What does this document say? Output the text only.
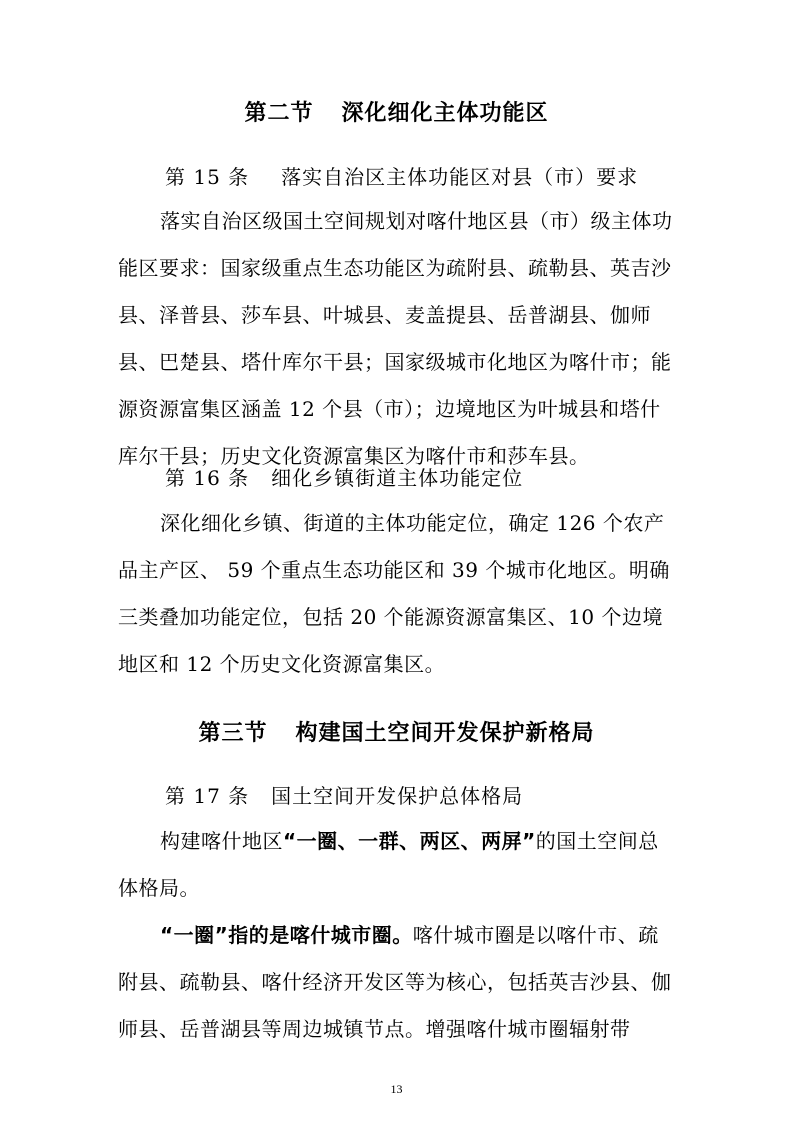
第二节 深化细化主体功能区
第 15 条 落实自治区主体功能区对县（市）要求

落实自治区级国土空间规划对喀什地区县（市）级主体功能区要求：国家级重点生态功能区为疏附县、疏勒县、英吉沙县、泽普县、莎车县、叶城县、麦盖提县、岳普湖县、伽师县、巴楚县、塔什库尔干县；国家级城市化地区为喀什市；能源资源富集区涵盖 12 个县（市）；边境地区为叶城县和塔什库尔干县；历史文化资源富集区为喀什市和莎车县。

第 16 条 细化乡镇街道主体功能定位

深化细化乡镇、街道的主体功能定位，确定 126 个农产品主产区、 59 个重点生态功能区和 39 个城市化地区。明确三类叠加功能定位，包括 20 个能源资源富集区、10 个边境地区和 12 个历史文化资源富集区。

第三节 构建国土空间开发保护新格局
第 17 条 国土空间开发保护总体格局

构建喀什地区“一圈、一群、两区、两屏”的国土空间总体格局。

“一圈”指的是喀什城市圈。喀什城市圈是以喀什市、疏附县、疏勒县、喀什经济开发区等为核心，包括英吉沙县、伽师县、岳普湖县等周边城镇节点。增强喀什城市圈辐射带

13
